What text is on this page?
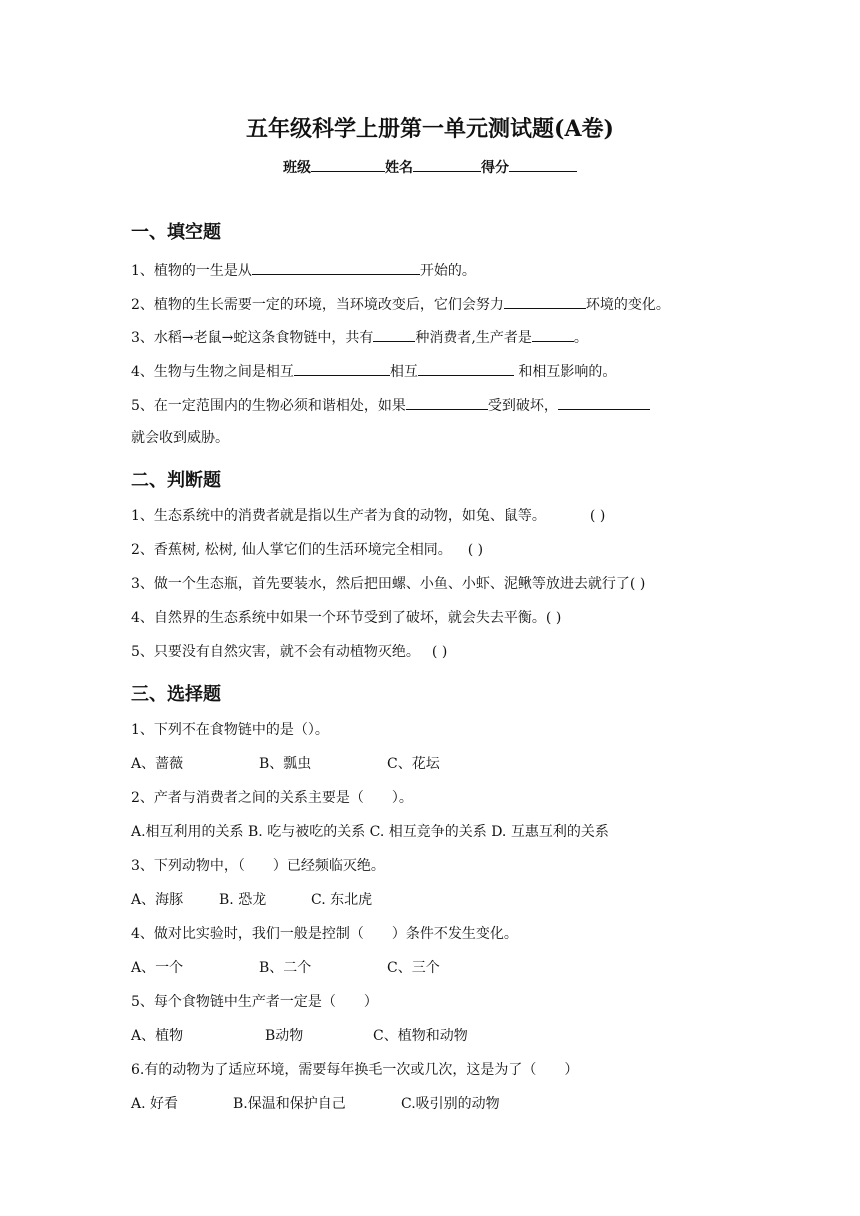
五年级科学上册第一单元测试题(A卷)
班级	姓名	得分
一、填空题
1、植物的一生是从	开始的。
2、植物的生长需要一定的环境，当环境改变后，它们会努力	环境的变化。
3、水稻→老鼠→蛇这条食物链中，共有	种消费者,生产者是	。
4、生物与生物之间是相互	相互	和相互影响的。
5、在一定范围内的生物必须和谐相处，如果	受到破坏，
就会收到威胁。
二、判断题
1、生态系统中的消费者就是指以生产者为食的动物，如兔、鼠等。	( )
2、香蕉树, 松树, 仙人掌它们的生活环境完全相同。 ( )
3、做一个生态瓶，首先要装水，然后把田螺、小鱼、小虾、泥鳅等放进去就行了( )
4、自然界的生态系统中如果一个环节受到了破坏，就会失去平衡。( )
5、只要没有自然灾害，就不会有动植物灭绝。 ( )
三、选择题
1、下列不在食物链中的是（）。
A、蔷薇	B、瓢虫	C、花坛
2、产者与消费者之间的关系主要是（　　）。
A.相互利用的关系 B. 吃与被吃的关系 C. 相互竞争的关系 D. 互惠互利的关系
3、下列动物中，（　　）已经频临灭绝。
A、海豚	B. 恐龙	C. 东北虎
4、做对比实验时，我们一般是控制（　　）条件不发生变化。
A、一个	B、二个	C、三个
5、每个食物链中生产者一定是（　　）
A、植物	B动物	C、植物和动物
6.有的动物为了适应环境，需要每年换毛一次或几次，这是为了（　　）
A. 好看	B.保温和保护自己	C.吸引别的动物
